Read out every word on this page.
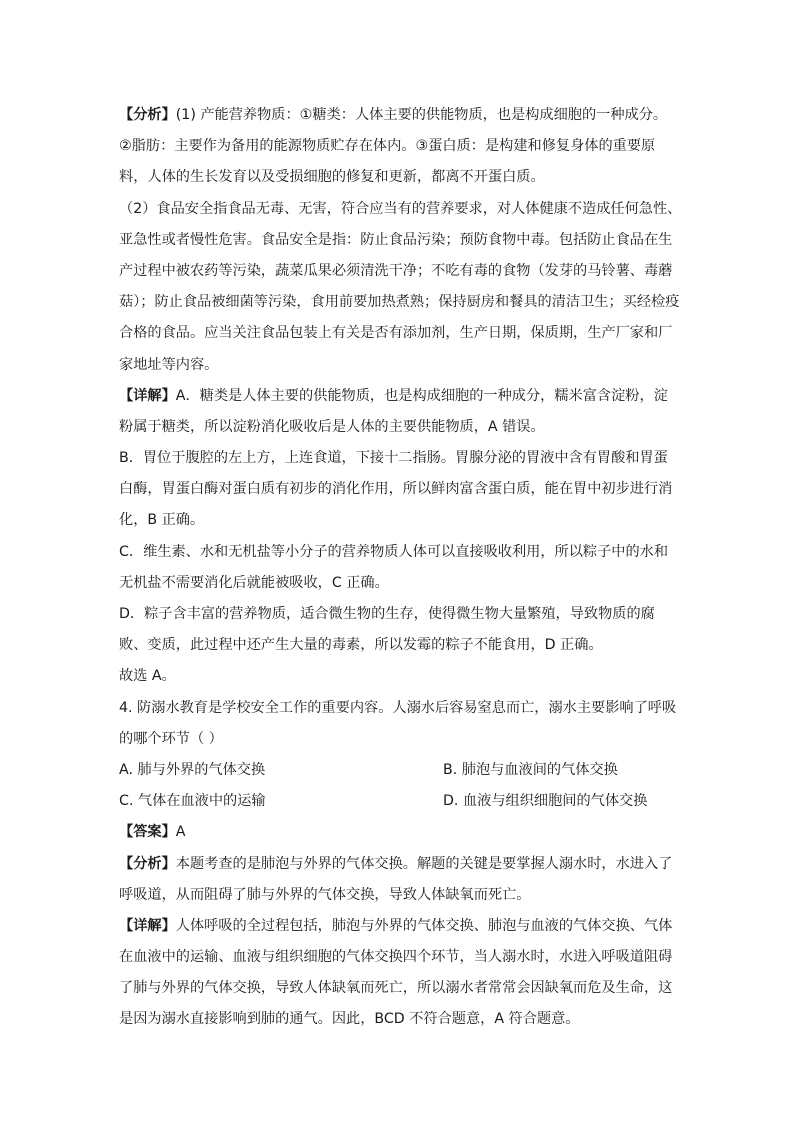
【分析】(1) 产能营养物质：①糖类：人体主要的供能物质，也是构成细胞的一种成分。
②脂肪：主要作为备用的能源物质贮存在体内。③蛋白质：是构建和修复身体的重要原
料，人体的生长发育以及受损细胞的修复和更新，都离不开蛋白质。
（2）食品安全指食品无毒、无害，符合应当有的营养要求，对人体健康不造成任何急性、
亚急性或者慢性危害。食品安全是指：防止食品污染；预防食物中毒。包括防止食品在生
产过程中被农药等污染，蔬菜瓜果必须清洗干净；不吃有毒的食物（发芽的马铃薯、毒蘑
菇）；防止食品被细菌等污染，食用前要加热煮熟；保持厨房和餐具的清洁卫生；买经检疫
合格的食品。应当关注食品包装上有关是否有添加剂，生产日期，保质期，生产厂家和厂
家地址等内容。
【详解】A．糖类是人体主要的供能物质，也是构成细胞的一种成分，糯米富含淀粉，淀
粉属于糖类，所以淀粉消化吸收后是人体的主要供能物质，A 错误。
B．胃位于腹腔的左上方，上连食道，下接十二指肠。胃腺分泌的胃液中含有胃酸和胃蛋
白酶，胃蛋白酶对蛋白质有初步的消化作用，所以鲜肉富含蛋白质，能在胃中初步进行消
化，B 正确。
C．维生素、水和无机盐等小分子的营养物质人体可以直接吸收利用，所以粽子中的水和
无机盐不需要消化后就能被吸收，C 正确。
D．粽子含丰富的营养物质，适合微生物的生存，使得微生物大量繁殖，导致物质的腐
败、变质，此过程中还产生大量的毒素，所以发霉的粽子不能食用，D 正确。
故选 A。
4. 防溺水教育是学校安全工作的重要内容。人溺水后容易窒息而亡，溺水主要影响了呼吸
的哪个环节（ ）
A. 肺与外界的气体交换	B. 肺泡与血液间的气体交换
C. 气体在血液中的运输	D. 血液与组织细胞间的气体交换
【答案】A
【分析】本题考查的是肺泡与外界的气体交换。解题的关键是要掌握人溺水时，水进入了
呼吸道，从而阻碍了肺与外界的气体交换，导致人体缺氧而死亡。
【详解】人体呼吸的全过程包括，肺泡与外界的气体交换、肺泡与血液的气体交换、气体
在血液中的运输、血液与组织细胞的气体交换四个环节，当人溺水时，水进入呼吸道阻碍
了肺与外界的气体交换，导致人体缺氧而死亡，所以溺水者常常会因缺氧而危及生命，这
是因为溺水直接影响到肺的通气。因此，BCD 不符合题意，A 符合题意。
